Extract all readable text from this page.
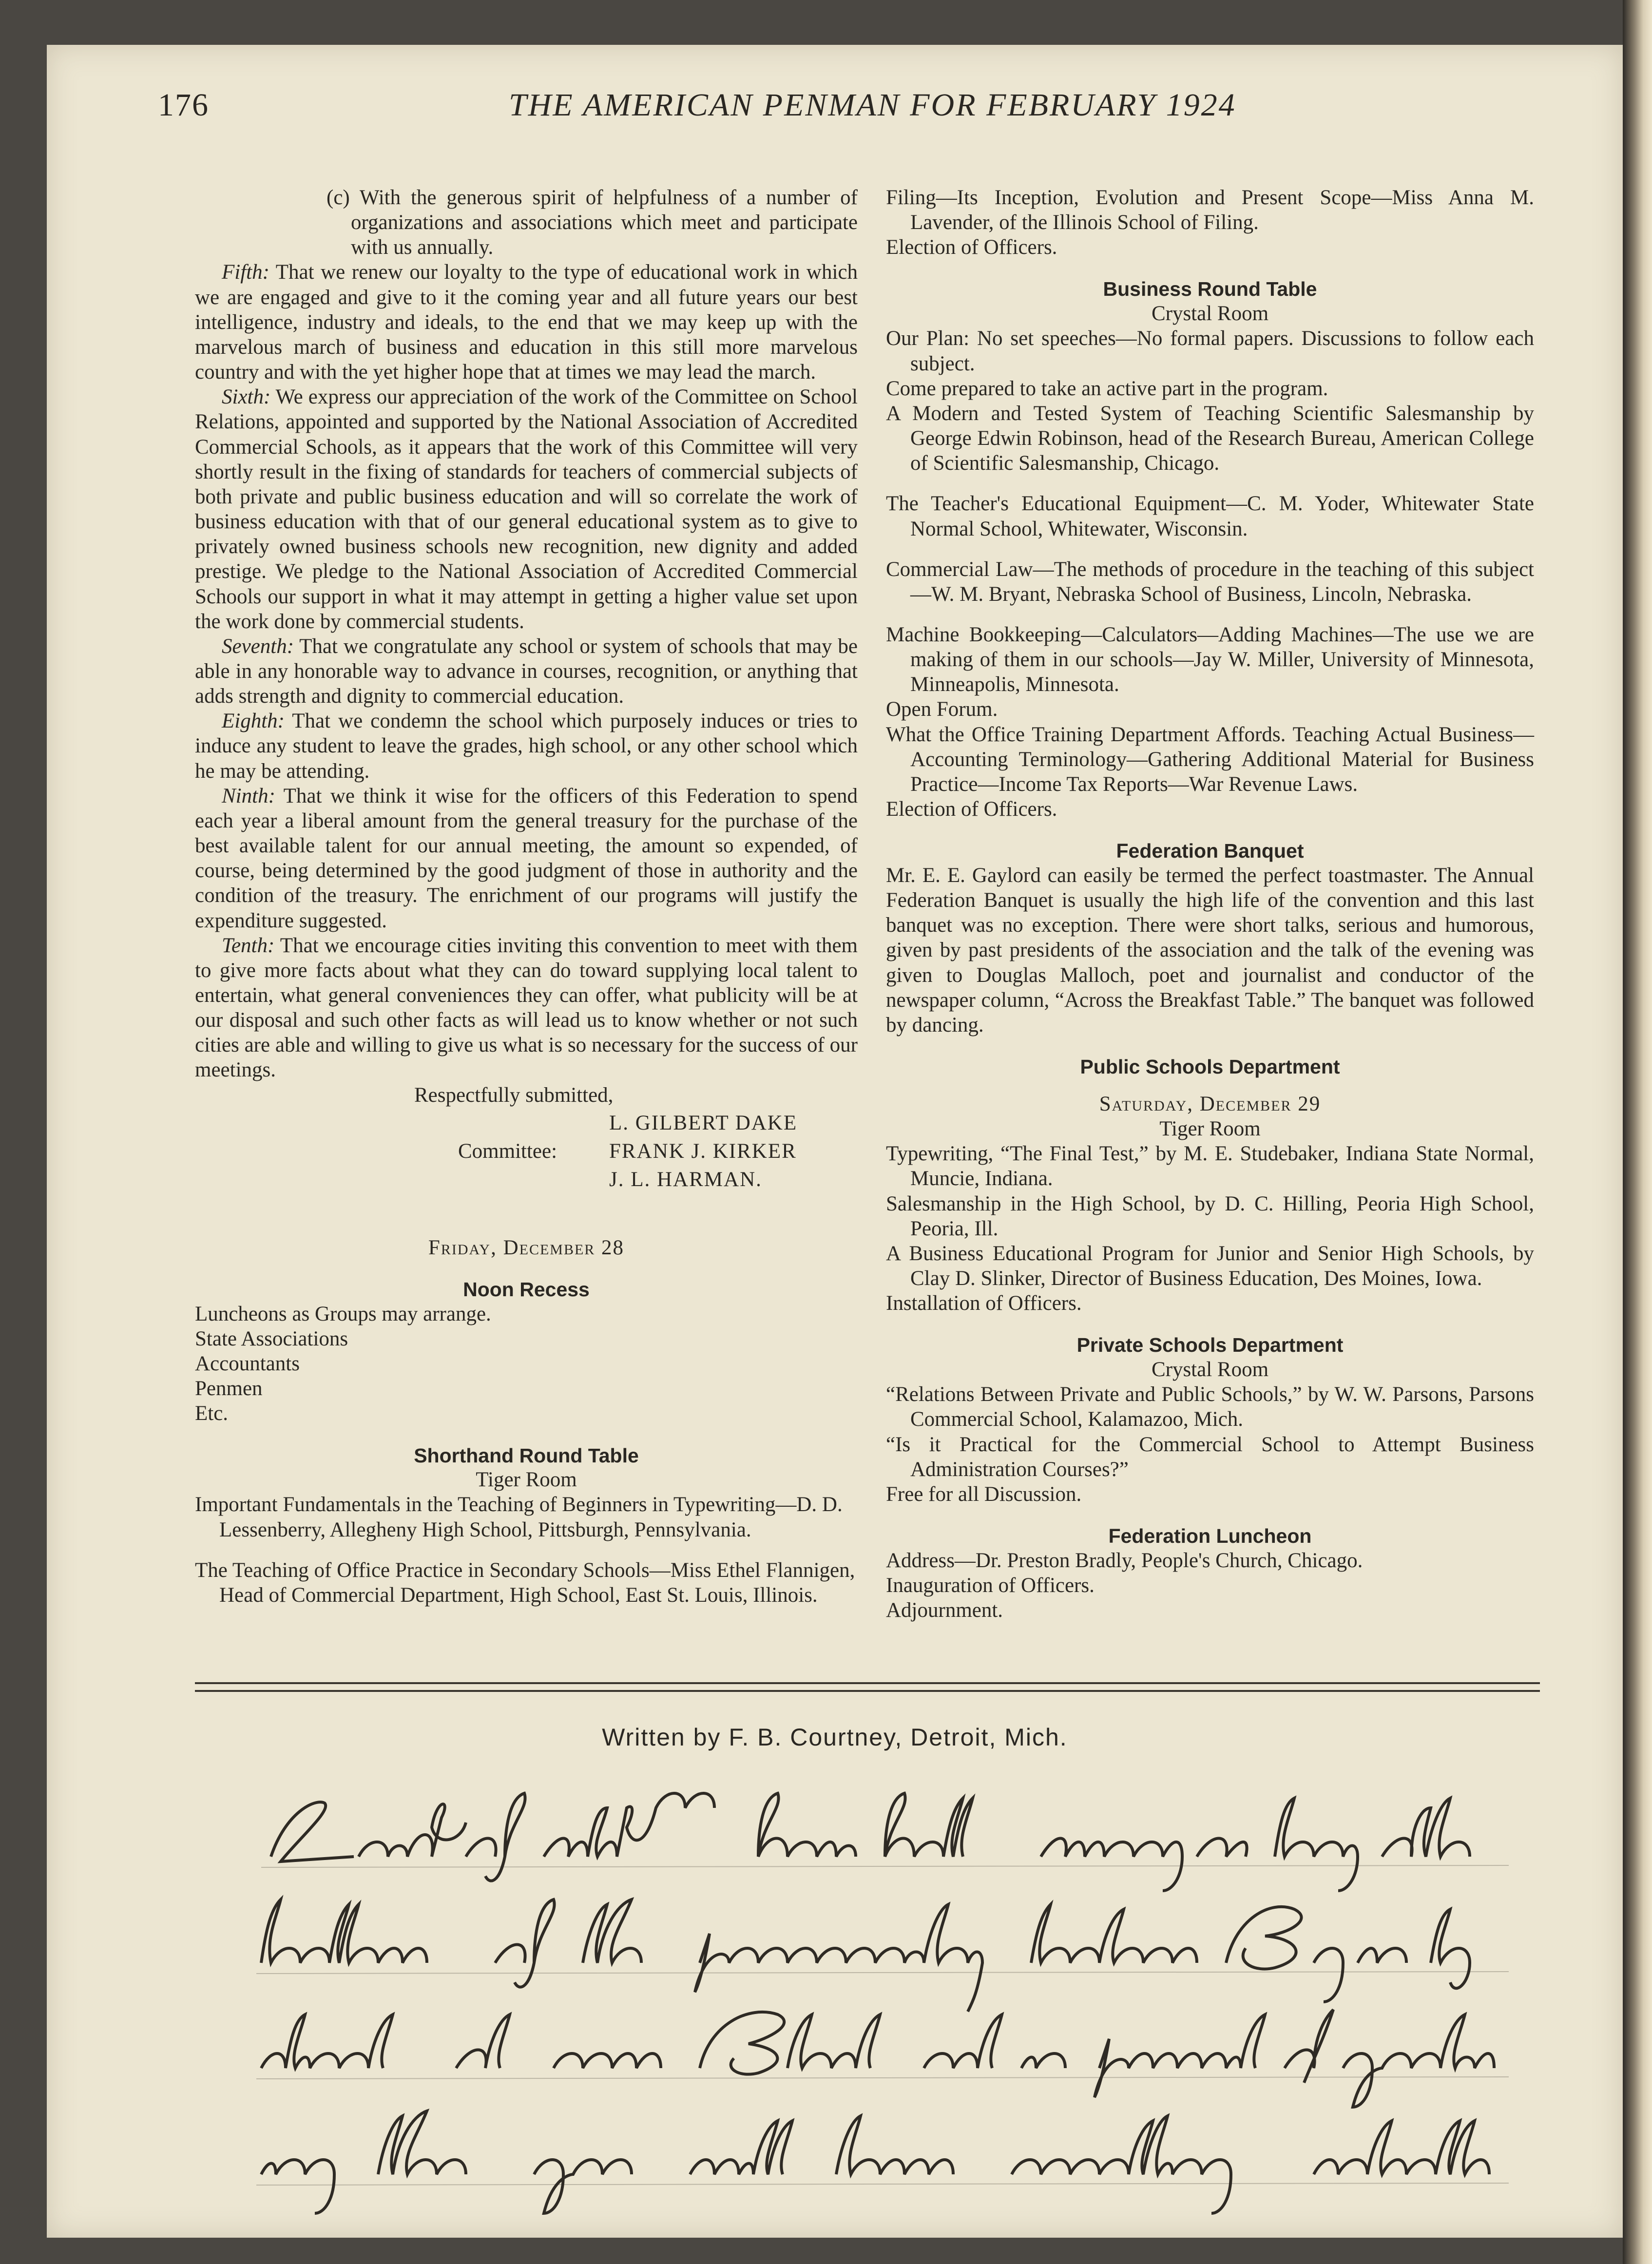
176	THE AMERICAN PENMAN FOR FEBRUARY 1924

(c) With the generous spirit of helpfulness of a number of organizations and associations which meet and participate with us annually.

Fifth: That we renew our loyalty to the type of educational work in which we are engaged and give to it the coming year and all future years our best intelligence, industry and ideals, to the end that we may keep up with the marvelous march of business and education in this still more marvelous country and with the yet higher hope that at times we may lead the march.

Sixth: We express our appreciation of the work of the Committee on School Relations, appointed and supported by the National Association of Accredited Commercial Schools, as it appears that the work of this Committee will very shortly result in the fixing of standards for teachers of commercial subjects of both private and public business education and will so correlate the work of business education with that of our general educational system as to give to privately owned business schools new recognition, new dignity and added prestige. We pledge to the National Association of Accredited Commercial Schools our support in what it may attempt in getting a higher value set upon the work done by commercial students.

Seventh: That we congratulate any school or system of schools that may be able in any honorable way to advance in courses, recognition, or anything that adds strength and dignity to commercial education.

Eighth: That we condemn the school which purposely induces or tries to induce any student to leave the grades, high school, or any other school which he may be attending.

Ninth: That we think it wise for the officers of this Federation to spend each year a liberal amount from the general treasury for the purchase of the best available talent for our annual meeting, the amount so expended, of course, being determined by the good judgment of those in authority and the condition of the treasury. The enrichment of our programs will justify the expenditure suggested.

Tenth: That we encourage cities inviting this convention to meet with them to give more facts about what they can do toward supplying local talent to entertain, what general conveniences they can offer, what publicity will be at our disposal and such other facts as will lead us to know whether or not such cities are able and willing to give us what is so necessary for the success of our meetings.

Respectfully submitted,

L. GILBERT DAKE
Committee: FRANK J. KIRKER
J. L. HARMAN.

Friday, December 28

Noon Recess

Luncheons as Groups may arrange.

State Associations

Accountants

Penmen

Etc.

Shorthand Round Table

Tiger Room

Important Fundamentals in the Teaching of Beginners in Typewriting—D. D. Lessenberry, Allegheny High School, Pittsburgh, Pennsylvania.

The Teaching of Office Practice in Secondary Schools—Miss Ethel Flannigen, Head of Commercial Department, High School, East St. Louis, Illinois.

Filing—Its Inception, Evolution and Present Scope—Miss Anna M. Lavender, of the Illinois School of Filing.

Election of Officers.

Business Round Table

Crystal Room

Our Plan: No set speeches—No formal papers. Discussions to follow each subject.

Come prepared to take an active part in the program.

A Modern and Tested System of Teaching Scientific Salesmanship by George Edwin Robinson, head of the Research Bureau, American College of Scientific Salesmanship, Chicago.

The Teacher's Educational Equipment—C. M. Yoder, Whitewater State Normal School, Whitewater, Wisconsin.

Commercial Law—The methods of procedure in the teaching of this subject—W. M. Bryant, Nebraska School of Business, Lincoln, Nebraska.

Machine Bookkeeping—Calculators—Adding Machines—The use we are making of them in our schools—Jay W. Miller, University of Minnesota, Minneapolis, Minnesota.

Open Forum.

What the Office Training Department Affords. Teaching Actual Business—Accounting Terminology—Gathering Additional Material for Business Practice—Income Tax Reports—War Revenue Laws.

Election of Officers.

Federation Banquet

Mr. E. E. Gaylord can easily be termed the perfect toastmaster. The Annual Federation Banquet is usually the high life of the convention and this last banquet was no exception. There were short talks, serious and humorous, given by past presidents of the association and the talk of the evening was given to Douglas Malloch, poet and journalist and conductor of the newspaper column, “Across the Breakfast Table.” The banquet was followed by dancing.

Public Schools Department

Saturday, December 29

Tiger Room

Typewriting, “The Final Test,” by M. E. Studebaker, Indiana State Normal, Muncie, Indiana.

Salesmanship in the High School, by D. C. Hilling, Peoria High School, Peoria, Ill.

A Business Educational Program for Junior and Senior High Schools, by Clay D. Slinker, Director of Business Education, Des Moines, Iowa.

Installation of Officers.

Private Schools Department

Crystal Room

“Relations Between Private and Public Schools,” by W. W. Parsons, Parsons Commercial School, Kalamazoo, Mich.

“Is it Practical for the Commercial School to Attempt Business Administration Courses?”

Free for all Discussion.

Federation Luncheon

Address—Dr. Preston Bradly, People's Church, Chicago.

Inauguration of Officers.

Adjournment.

Written by F. B. Courtney, Detroit, Mich.
